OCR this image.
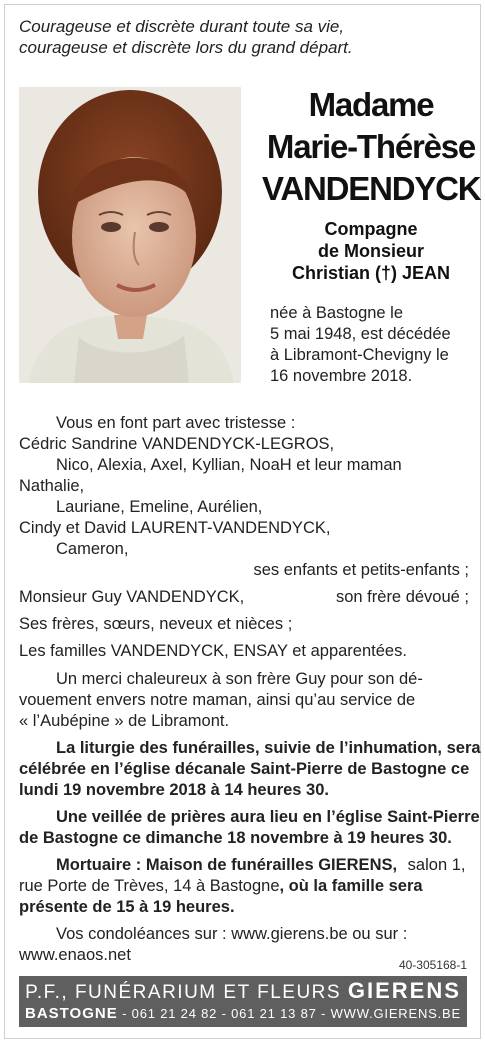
Courageuse et discrète durant toute sa vie,
courageuse et discrète lors du grand départ.
Madame
Marie-Thérèse
VANDENDYCK
Compagne
de Monsieur
Christian (†) JEAN
née à Bastogne le
5 mai 1948, est décédée
à Libramont-Chevigny le
16 novembre 2018.
Vous en font part avec tristesse :
Cédric Sandrine VANDENDYCK-LEGROS,
Nico, Alexia, Axel, Kyllian, NoaH et leur maman
Nathalie,
Lauriane, Emeline, Aurélien,
Cindy et David LAURENT-VANDENDYCK,
Cameron,
ses enfants et petits-enfants ;
Monsieur Guy VANDENDYCK,	son frère dévoué ;
Ses frères, sœurs, neveux et nièces ;
Les familles VANDENDYCK, ENSAY et apparentées.
Un merci chaleureux à son frère Guy pour son dé-
vouement envers notre maman, ainsi qu’au service de
« l’Aubépine » de Libramont.
La liturgie des funérailles, suivie de l’inhumation, sera
célébrée en l’église décanale Saint-Pierre de Bastogne ce
lundi 19 novembre 2018 à 14 heures 30.
Une veillée de prières aura lieu en l’église Saint-Pierre
de Bastogne ce dimanche 18 novembre à 19 heures 30.
Mortuaire : Maison de funérailles GIERENS, salon 1,
rue Porte de Trèves, 14 à Bastogne, où la famille sera
présente de 15 à 19 heures.
Vos condoléances sur : www.gierens.be ou sur :
www.enaos.net
40-305168-1
P.F., FUNÉRARIUM ET FLEURS GIERENS
BASTOGNE - 061 21 24 82 - 061 21 13 87 - WWW.GIERENS.BE
